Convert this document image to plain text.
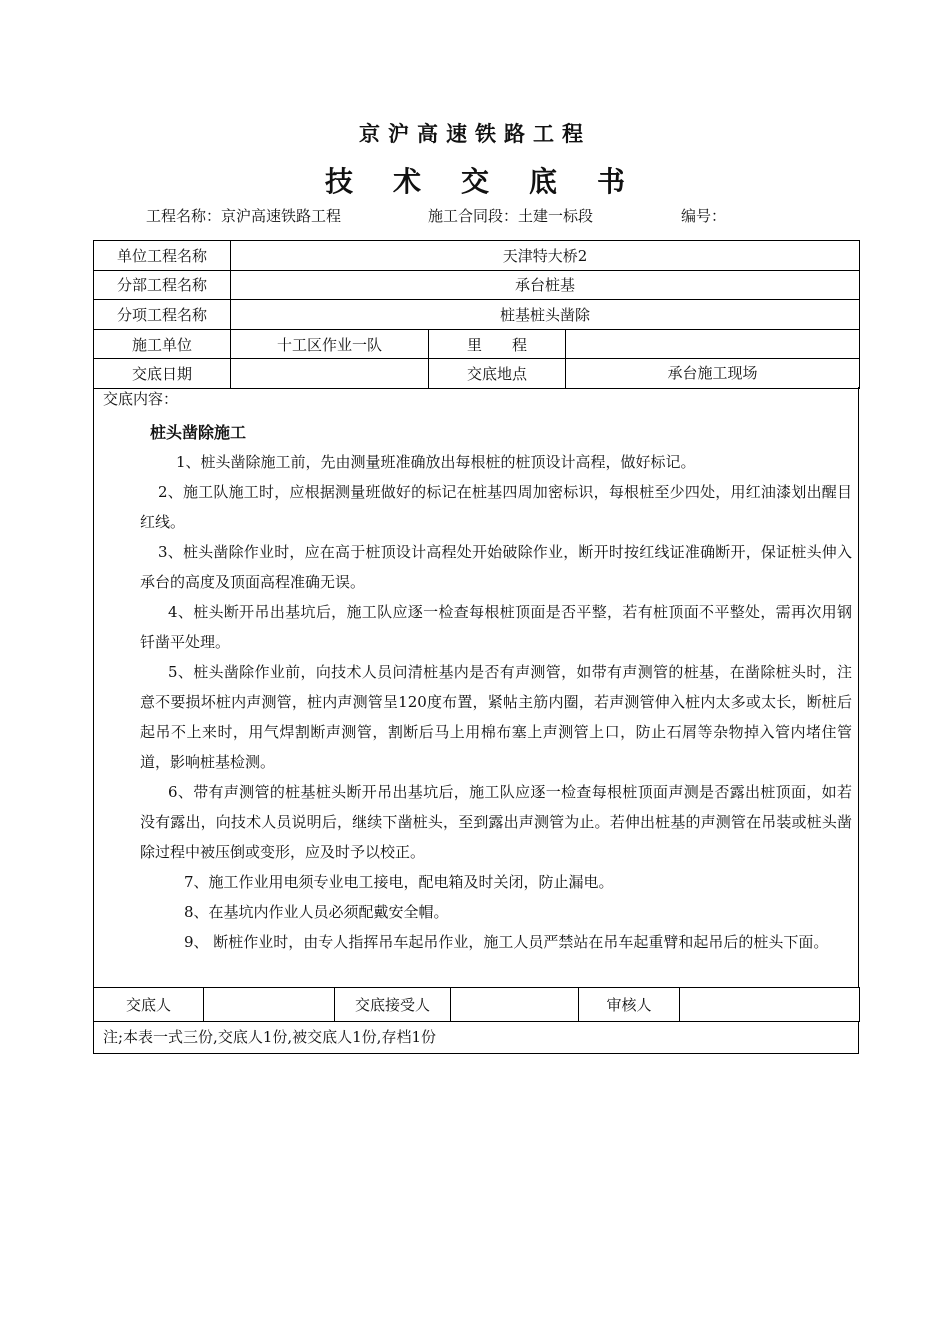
京沪高速铁路工程
技术交底书
工程名称：京沪高速铁路工程	施工合同段：土建一标段	编号：
单位工程名称	天津特大桥2		
分部工程名称	承台桩基		
分项工程名称	桩基桩头凿除		
施工单位	十工区作业一队	里　　程	
交底日期		交底地点	承台施工现场
交底内容：
桩头凿除施工

1、桩头凿除施工前，先由测量班准确放出每根桩的桩顶设计高程，做好标记。

2、施工队施工时，应根据测量班做好的标记在桩基四周加密标识，每根桩至少四处，用红油漆划出醒目红线。

3、桩头凿除作业时，应在高于桩顶设计高程处开始破除作业，断开时按红线证准确断开，保证桩头伸入承台的高度及顶面高程准确无误。

4、桩头断开吊出基坑后，施工队应逐一检查每根桩顶面是否平整，若有桩顶面不平整处，需再次用钢钎凿平处理。

5、桩头凿除作业前，向技术人员问清桩基内是否有声测管，如带有声测管的桩基，在凿除桩头时，注意不要损坏桩内声测管，桩内声测管呈120度布置，紧帖主筋内圈，若声测管伸入桩内太多或太长，断桩后起吊不上来时，用气焊割断声测管，割断后马上用棉布塞上声测管上口，防止石屑等杂物掉入管内堵住管道，影响桩基检测。

6、带有声测管的桩基桩头断开吊出基坑后，施工队应逐一检查每根桩顶面声测是否露出桩顶面，如若没有露出，向技术人员说明后，继续下凿桩头，至到露出声测管为止。若伸出桩基的声测管在吊装或桩头凿除过程中被压倒或变形，应及时予以校正。

7、施工作业用电须专业电工接电，配电箱及时关闭，防止漏电。

8、在基坑内作业人员必须配戴安全帽。

9、 断桩作业时，由专人指挥吊车起吊作业，施工人员严禁站在吊车起重臂和起吊后的桩头下面。

交底人		交底接受人		审核人	
注;本表一式三份,交底人1份,被交底人1份,存档1份
